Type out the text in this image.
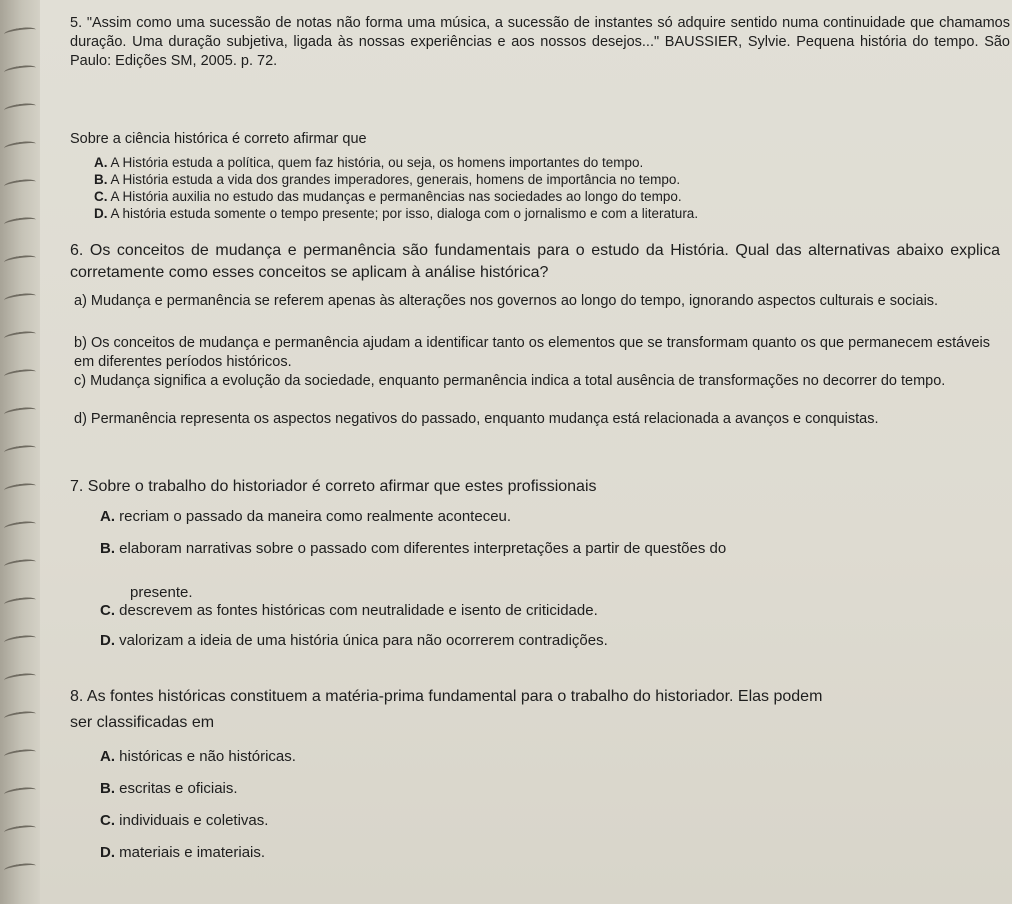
5. "Assim como uma sucessão de notas não forma uma música, a sucessão de instantes só adquire sentido numa continuidade que chamamos duração. Uma duração subjetiva, ligada às nossas experiências e aos nossos desejos..." BAUSSIER, Sylvie. Pequena história do tempo. São Paulo: Edições SM, 2005. p. 72.

Sobre a ciência histórica é correto afirmar que

A. A História estuda a política, quem faz história, ou seja, os homens importantes do tempo.

B. A História estuda a vida dos grandes imperadores, generais, homens de importância no tempo.

C. A História auxilia no estudo das mudanças e permanências nas sociedades ao longo do tempo.

D. A história estuda somente o tempo presente; por isso, dialoga com o jornalismo e com a literatura.

6. Os conceitos de mudança e permanência são fundamentais para o estudo da História. Qual das alternativas abaixo explica corretamente como esses conceitos se aplicam à análise histórica?

a) Mudança e permanência se referem apenas às alterações nos governos ao longo do tempo, ignorando aspectos culturais e sociais.

b) Os conceitos de mudança e permanência ajudam a identificar tanto os elementos que se transformam quanto os que permanecem estáveis em diferentes períodos históricos.

c) Mudança significa a evolução da sociedade, enquanto permanência indica a total ausência de transformações no decorrer do tempo.

d) Permanência representa os aspectos negativos do passado, enquanto mudança está relacionada a avanços e conquistas.

7. Sobre o trabalho do historiador é correto afirmar que estes profissionais

A. recriam o passado da maneira como realmente aconteceu.

B. elaboram narrativas sobre o passado com diferentes interpretações a partir de questões do

presente.

C. descrevem as fontes históricas com neutralidade e isento de criticidade.

D. valorizam a ideia de uma história única para não ocorrerem contradições.

8. As fontes históricas constituem a matéria-prima fundamental para o trabalho do historiador. Elas podem

ser classificadas em

A. históricas e não históricas.

B. escritas e oficiais.

C. individuais e coletivas.

D. materiais e imateriais.
